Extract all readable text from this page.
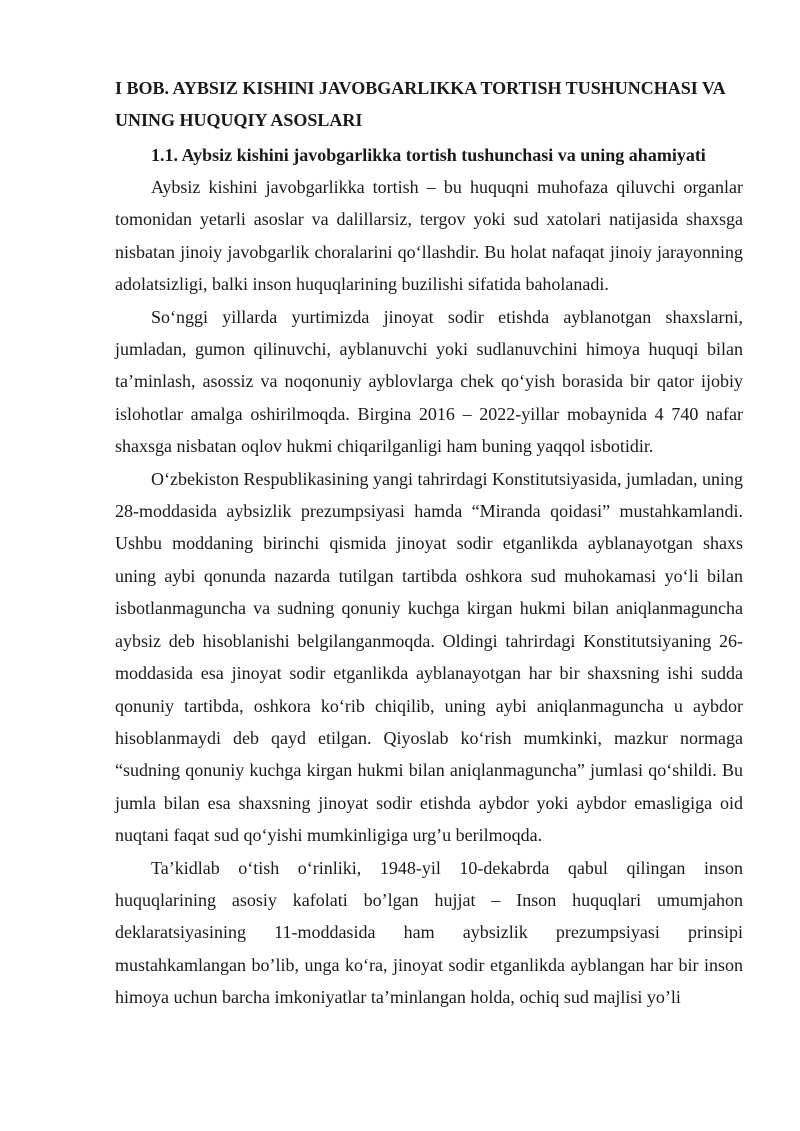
I BOB. AYBSIZ KISHINI JAVOBGARLIKKA TORTISH TUSHUNCHASI VA UNING HUQUQIY ASOSLARI
1.1. Aybsiz kishini javobgarlikka tortish tushunchasi va uning ahamiyati

Aybsiz kishini javobgarlikka tortish – bu huquqni muhofaza qiluvchi organlar tomonidan yetarli asoslar va dalillarsiz, tergov yoki sud xatolari natijasida shaxsga nisbatan jinoiy javobgarlik choralarini qo‘llashdir. Bu holat nafaqat jinoiy jarayonning adolatsizligi, balki inson huquqlarining buzilishi sifatida baholanadi.

So‘nggi yillarda yurtimizda jinoyat sodir etishda ayblanotgan shaxslarni, jumladan, gumon qilinuvchi, ayblanuvchi yoki sudlanuvchini himoya huquqi bilan ta’minlash, asossiz va noqonuniy ayblovlarga chek qo‘yish borasida bir qator ijobiy islohotlar amalga oshirilmoqda. Birgina 2016 – 2022-yillar mobaynida 4 740 nafar shaxsga nisbatan oqlov hukmi chiqarilganligi ham buning yaqqol isbotidir.

O‘zbekiston Respublikasining yangi tahrirdagi Konstitutsiyasida, jumladan, uning 28-moddasida aybsizlik prezumpsiyasi hamda “Miranda qoidasi” mustahkamlandi. Ushbu moddaning birinchi qismida jinoyat sodir etganlikda ayblanayotgan shaxs uning aybi qonunda nazarda tutilgan tartibda oshkora sud muhokamasi yo‘li bilan isbotlanmaguncha va sudning qonuniy kuchga kirgan hukmi bilan aniqlanmaguncha aybsiz deb hisoblanishi belgilanganmoqda. Oldingi tahrirdagi Konstitutsiyaning 26-moddasida esa jinoyat sodir etganlikda ayblanayotgan har bir shaxsning ishi sudda qonuniy tartibda, oshkora ko‘rib chiqilib, uning aybi aniqlanmaguncha u aybdor hisoblanmaydi deb qayd etilgan. Qiyoslab ko‘rish mumkinki, mazkur normaga “sudning qonuniy kuchga kirgan hukmi bilan aniqlanmaguncha” jumlasi qo‘shildi. Bu jumla bilan esa shaxsning jinoyat sodir etishda aybdor yoki aybdor emasligiga oid nuqtani faqat sud qo‘yishi mumkinligiga urg’u berilmoqda.

Ta’kidlab o‘tish o‘rinliki, 1948-yil 10-dekabrda qabul qilingan inson huquqlarining asosiy kafolati bo’lgan hujjat – Inson huquqlari umumjahon deklaratsiyasining 11-moddasida ham aybsizlik prezumpsiyasi prinsipi mustahkamlangan bo’lib, unga ko‘ra, jinoyat sodir etganlikda ayblangan har bir inson himoya uchun barcha imkoniyatlar ta’minlangan holda, ochiq sud majlisi yo’li
